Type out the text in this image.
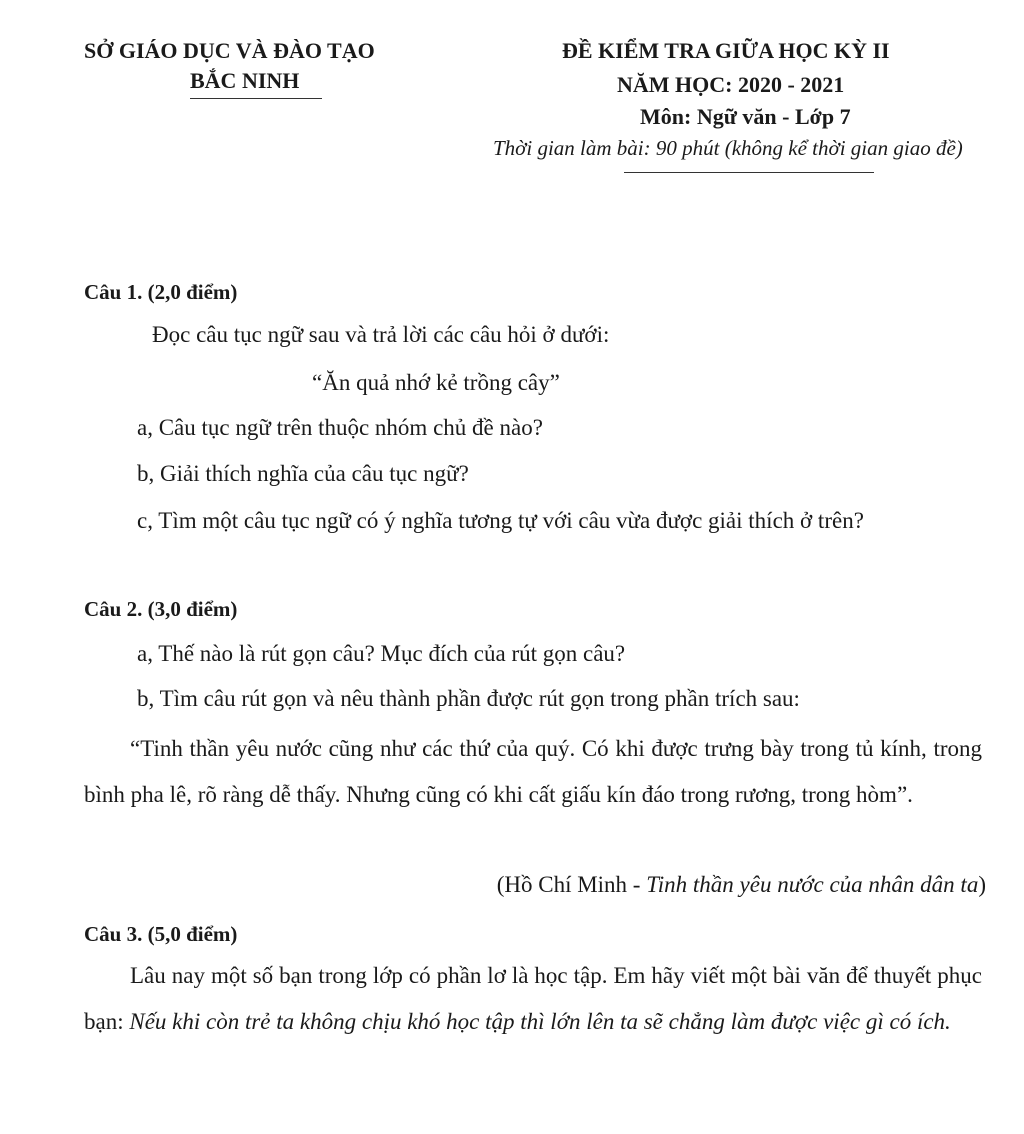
SỞ GIÁO DỤC VÀ ĐÀO TẠO
BẮC NINH
ĐỀ KIỂM TRA GIỮA HỌC KỲ II
NĂM HỌC: 2020 - 2021
Môn: Ngữ văn - Lớp 7
Thời gian làm bài: 90 phút (không kể thời gian giao đề)
Câu 1. (2,0 điểm)
Đọc câu tục ngữ sau và trả lời các câu hỏi ở dưới:
“Ăn quả nhớ kẻ trồng cây”
a, Câu tục ngữ trên thuộc nhóm chủ đề nào?
b, Giải thích nghĩa của câu tục ngữ?
c, Tìm một câu tục ngữ có ý nghĩa tương tự với câu vừa được giải thích ở trên?
Câu 2. (3,0 điểm)
a, Thế nào là rút gọn câu? Mục đích của rút gọn câu?
b, Tìm câu rút gọn và nêu thành phần được rút gọn trong phần trích sau:
“Tinh thần yêu nước cũng như các thứ của quý. Có khi được trưng bày trong tủ kính, trong bình pha lê, rõ ràng dễ thấy. Nhưng cũng có khi cất giấu kín đáo trong rương, trong hòm”.
(Hồ Chí Minh - Tinh thần yêu nước của nhân dân ta)
Câu 3. (5,0 điểm)
Lâu nay một số bạn trong lớp có phần lơ là học tập. Em hãy viết một bài văn để thuyết phục bạn: Nếu khi còn trẻ ta không chịu khó học tập thì lớn lên ta sẽ chẳng làm được việc gì có ích.
